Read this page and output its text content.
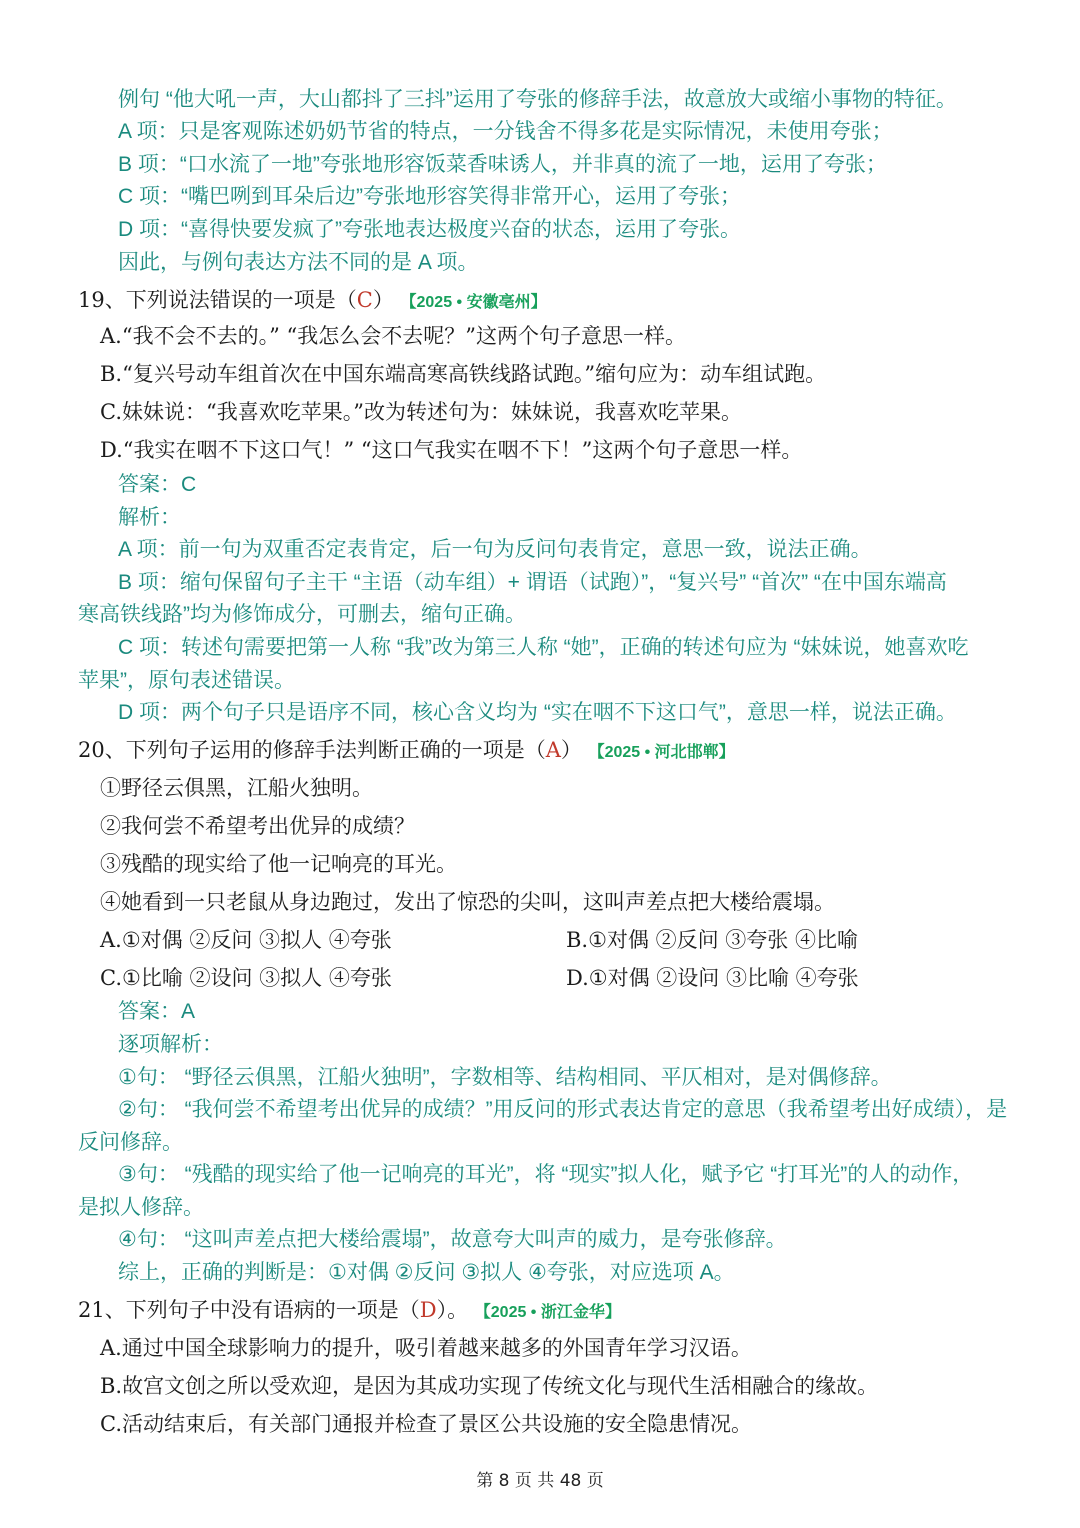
例句 “他大吼一声，大山都抖了三抖”运用了夸张的修辞手法，故意放大或缩小事物的特征。
A 项：只是客观陈述奶奶节省的特点，一分钱舍不得多花是实际情况，未使用夸张；
B 项：“口水流了一地”夸张地形容饭菜香味诱人，并非真的流了一地，运用了夸张；
C 项：“嘴巴咧到耳朵后边”夸张地形容笑得非常开心，运用了夸张；
D 项：“喜得快要发疯了”夸张地表达极度兴奋的状态，运用了夸张。
因此，与例句表达方法不同的是 A 项。
19、下列说法错误的一项是（C） 【2025 • 安徽亳州】
A.“我不会不去的。” “我怎么会不去呢？”这两个句子意思一样。
B.“复兴号动车组首次在中国东端高寒高铁线路试跑。”缩句应为：动车组试跑。
C.妹妹说：“我喜欢吃苹果。”改为转述句为：妹妹说，我喜欢吃苹果。
D.“我实在咽不下这口气！” “这口气我实在咽不下！”这两个句子意思一样。
答案：C
解析：
A 项：前一句为双重否定表肯定，后一句为反问句表肯定，意思一致，说法正确。
B 项：缩句保留句子主干 “主语（动车组）+ 谓语（试跑）”，“复兴号” “首次” “在中国东端高
寒高铁线路”均为修饰成分，可删去，缩句正确。
C 项：转述句需要把第一人称 “我”改为第三人称 “她”，正确的转述句应为 “妹妹说，她喜欢吃
苹果”，原句表述错误。
D 项：两个句子只是语序不同，核心含义均为 “实在咽不下这口气”，意思一样，说法正确。
20、下列句子运用的修辞手法判断正确的一项是（A） 【2025 • 河北邯郸】
①野径云俱黑，江船火独明。
②我何尝不希望考出优异的成绩？
③残酷的现实给了他一记响亮的耳光。
④她看到一只老鼠从身边跑过，发出了惊恐的尖叫，这叫声差点把大楼给震塌。
A.①对偶 ②反问 ③拟人 ④夸张	B.①对偶 ②反问 ③夸张 ④比喻
C.①比喻 ②设问 ③拟人 ④夸张	D.①对偶 ②设问 ③比喻 ④夸张
答案：A
逐项解析：
①句： “野径云俱黑，江船火独明”，字数相等、结构相同、平仄相对，是对偶修辞。
②句： “我何尝不希望考出优异的成绩？”用反问的形式表达肯定的意思（我希望考出好成绩），是
反问修辞。
③句： “残酷的现实给了他一记响亮的耳光”，将 “现实”拟人化，赋予它 “打耳光”的人的动作，
是拟人修辞。
④句： “这叫声差点把大楼给震塌”，故意夸大叫声的威力，是夸张修辞。
综上，正确的判断是：①对偶 ②反问 ③拟人 ④夸张，对应选项 A。
21、下列句子中没有语病的一项是（D）。 【2025 • 浙江金华】
A.通过中国全球影响力的提升，吸引着越来越多的外国青年学习汉语。
B.故宫文创之所以受欢迎，是因为其成功实现了传统文化与现代生活相融合的缘故。
C.活动结束后，有关部门通报并检查了景区公共设施的安全隐患情况。
第 8 页 共 48 页
